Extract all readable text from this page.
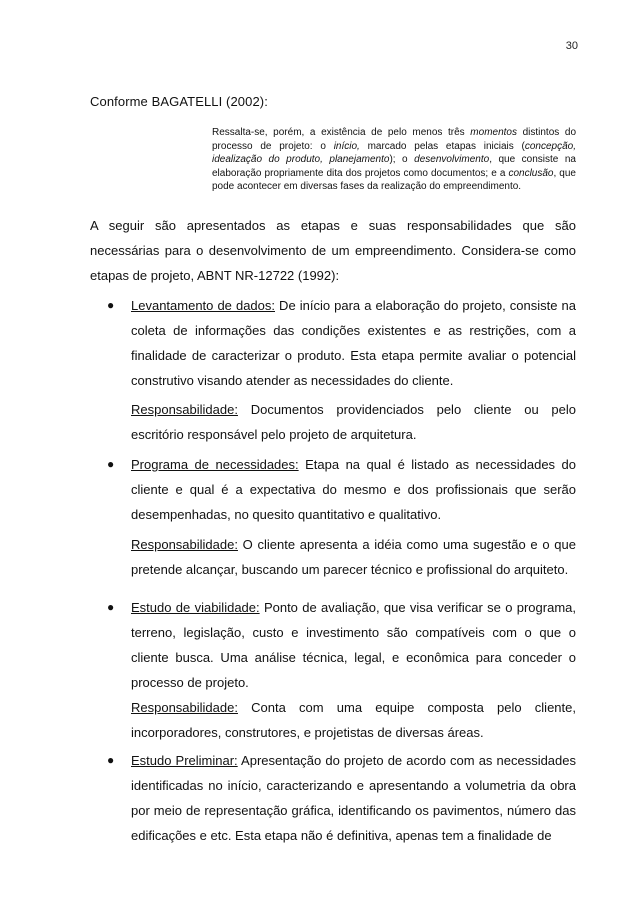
30
Conforme BAGATELLI (2002):
Ressalta-se, porém, a existência de pelo menos três momentos distintos do processo de projeto: o início, marcado pelas etapas iniciais (concepção, idealização do produto, planejamento); o desenvolvimento, que consiste na elaboração propriamente dita dos projetos como documentos; e a conclusão, que pode acontecer em diversas fases da realização do empreendimento.
A seguir são apresentados as etapas e suas responsabilidades que são necessárias para o desenvolvimento de um empreendimento. Considera-se como etapas de projeto, ABNT NR-12722 (1992):
● Levantamento de dados: De início para a elaboração do projeto, consiste na coleta de informações das condições existentes e as restrições, com a finalidade de caracterizar o produto. Esta etapa permite avaliar o potencial construtivo visando atender as necessidades do cliente.
Responsabilidade: Documentos providenciados pelo cliente ou pelo escritório responsável pelo projeto de arquitetura.
● Programa de necessidades: Etapa na qual é listado as necessidades do cliente e qual é a expectativa do mesmo e dos profissionais que serão desempenhadas, no quesito quantitativo e qualitativo.
Responsabilidade: O cliente apresenta a idéia como uma sugestão e o que pretende alcançar, buscando um parecer técnico e profissional do arquiteto.
● Estudo de viabilidade: Ponto de avaliação, que visa verificar se o programa, terreno, legislação, custo e investimento são compatíveis com o que o cliente busca. Uma análise técnica, legal, e econômica para conceder o processo de projeto.
Responsabilidade: Conta com uma equipe composta pelo cliente, incorporadores, construtores, e projetistas de diversas áreas.
● Estudo Preliminar: Apresentação do projeto de acordo com as necessidades identificadas no início, caracterizando e apresentando a volumetria da obra por meio de representação gráfica, identificando os pavimentos, número das edificações e etc. Esta etapa não é definitiva, apenas tem a finalidade de
